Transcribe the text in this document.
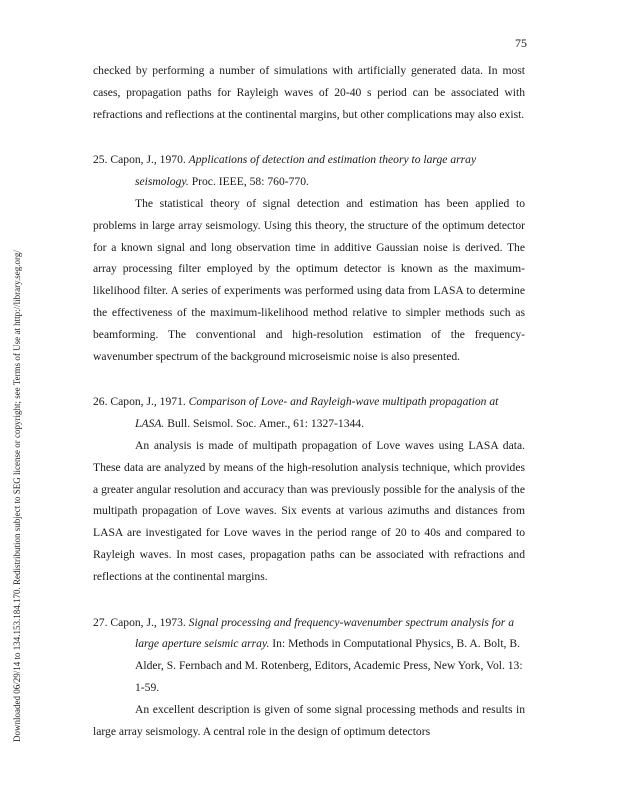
75
Downloaded 06/29/14 to 134.153.184.170. Redistribution subject to SEG license or copyright; see Terms of Use at http://library.seg.org/

checked by performing a number of simulations with artificially generated data. In most cases, propagation paths for Rayleigh waves of 20-40 s period can be associated with refractions and reflections at the continental margins, but other complications may also exist.

25. Capon, J., 1970. Applications of detection and estimation theory to large array seismology. Proc. IEEE, 58: 760-770.

The statistical theory of signal detection and estimation has been applied to problems in large array seismology. Using this theory, the structure of the optimum detector for a known signal and long observation time in additive Gaussian noise is derived. The array processing filter employed by the optimum detector is known as the maximum-likelihood filter. A series of experiments was performed using data from LASA to determine the effectiveness of the maximum-likelihood method relative to simpler methods such as beamforming. The conventional and high-resolution estimation of the frequency-wavenumber spectrum of the background microseismic noise is also presented.

26. Capon, J., 1971. Comparison of Love- and Rayleigh-wave multipath propagation at LASA. Bull. Seismol. Soc. Amer., 61: 1327-1344.

An analysis is made of multipath propagation of Love waves using LASA data. These data are analyzed by means of the high-resolution analysis technique, which provides a greater angular resolution and accuracy than was previously possible for the analysis of the multipath propagation of Love waves. Six events at various azimuths and distances from LASA are investigated for Love waves in the period range of 20 to 40s and compared to Rayleigh waves. In most cases, propagation paths can be associated with refractions and reflections at the continental margins.

27. Capon, J., 1973. Signal processing and frequency-wavenumber spectrum analysis for a large aperture seismic array. In: Methods in Computational Physics, B. A. Bolt, B. Alder, S. Fernbach and M. Rotenberg, Editors, Academic Press, New York, Vol. 13: 1-59.

An excellent description is given of some signal processing methods and results in large array seismology. A central role in the design of optimum detectors
